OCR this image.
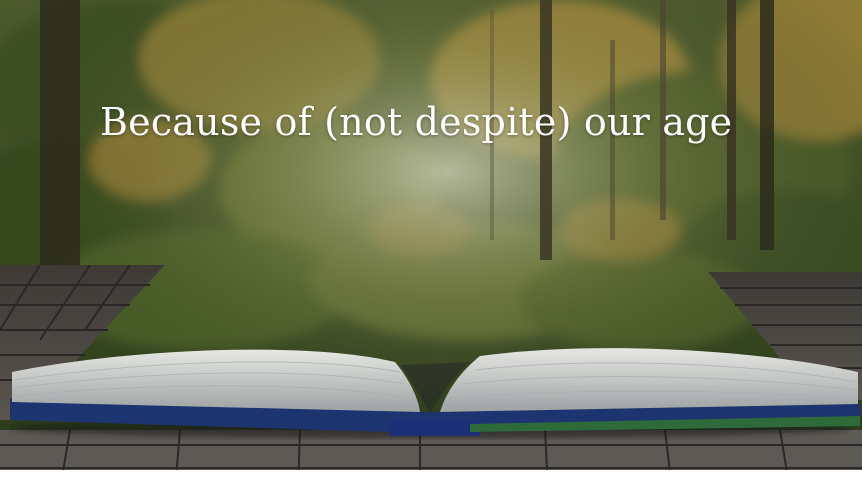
Because of (not despite) our age
